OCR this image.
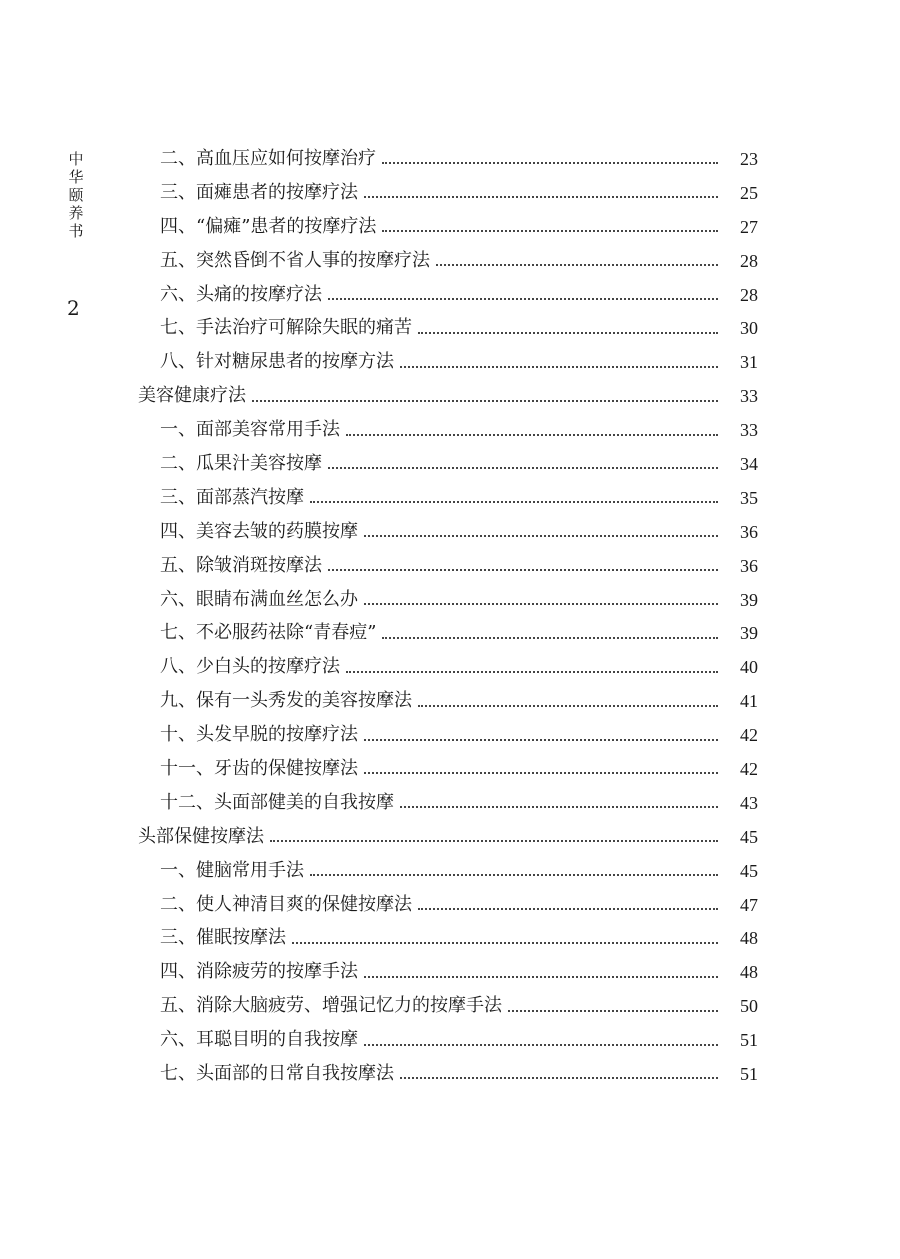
中华颐养书
2
二、高血压应如何按摩治疗	23
三、面瘫患者的按摩疗法	25
四、“偏瘫”患者的按摩疗法	27
五、突然昏倒不省人事的按摩疗法	28
六、头痛的按摩疗法	28
七、手法治疗可解除失眠的痛苦	30
八、针对糖尿患者的按摩方法	31
美容健康疗法	33
一、面部美容常用手法	33
二、瓜果汁美容按摩	34
三、面部蒸汽按摩	35
四、美容去皱的药膜按摩	36
五、除皱消斑按摩法	36
六、眼睛布满血丝怎么办	39
七、不必服药祛除“青春痘”	39
八、少白头的按摩疗法	40
九、保有一头秀发的美容按摩法	41
十、头发早脱的按摩疗法	42
十一、牙齿的保健按摩法	42
十二、头面部健美的自我按摩	43
头部保健按摩法	45
一、健脑常用手法	45
二、使人神清目爽的保健按摩法	47
三、催眠按摩法	48
四、消除疲劳的按摩手法	48
五、消除大脑疲劳、增强记忆力的按摩手法	50
六、耳聪目明的自我按摩	51
七、头面部的日常自我按摩法	51
